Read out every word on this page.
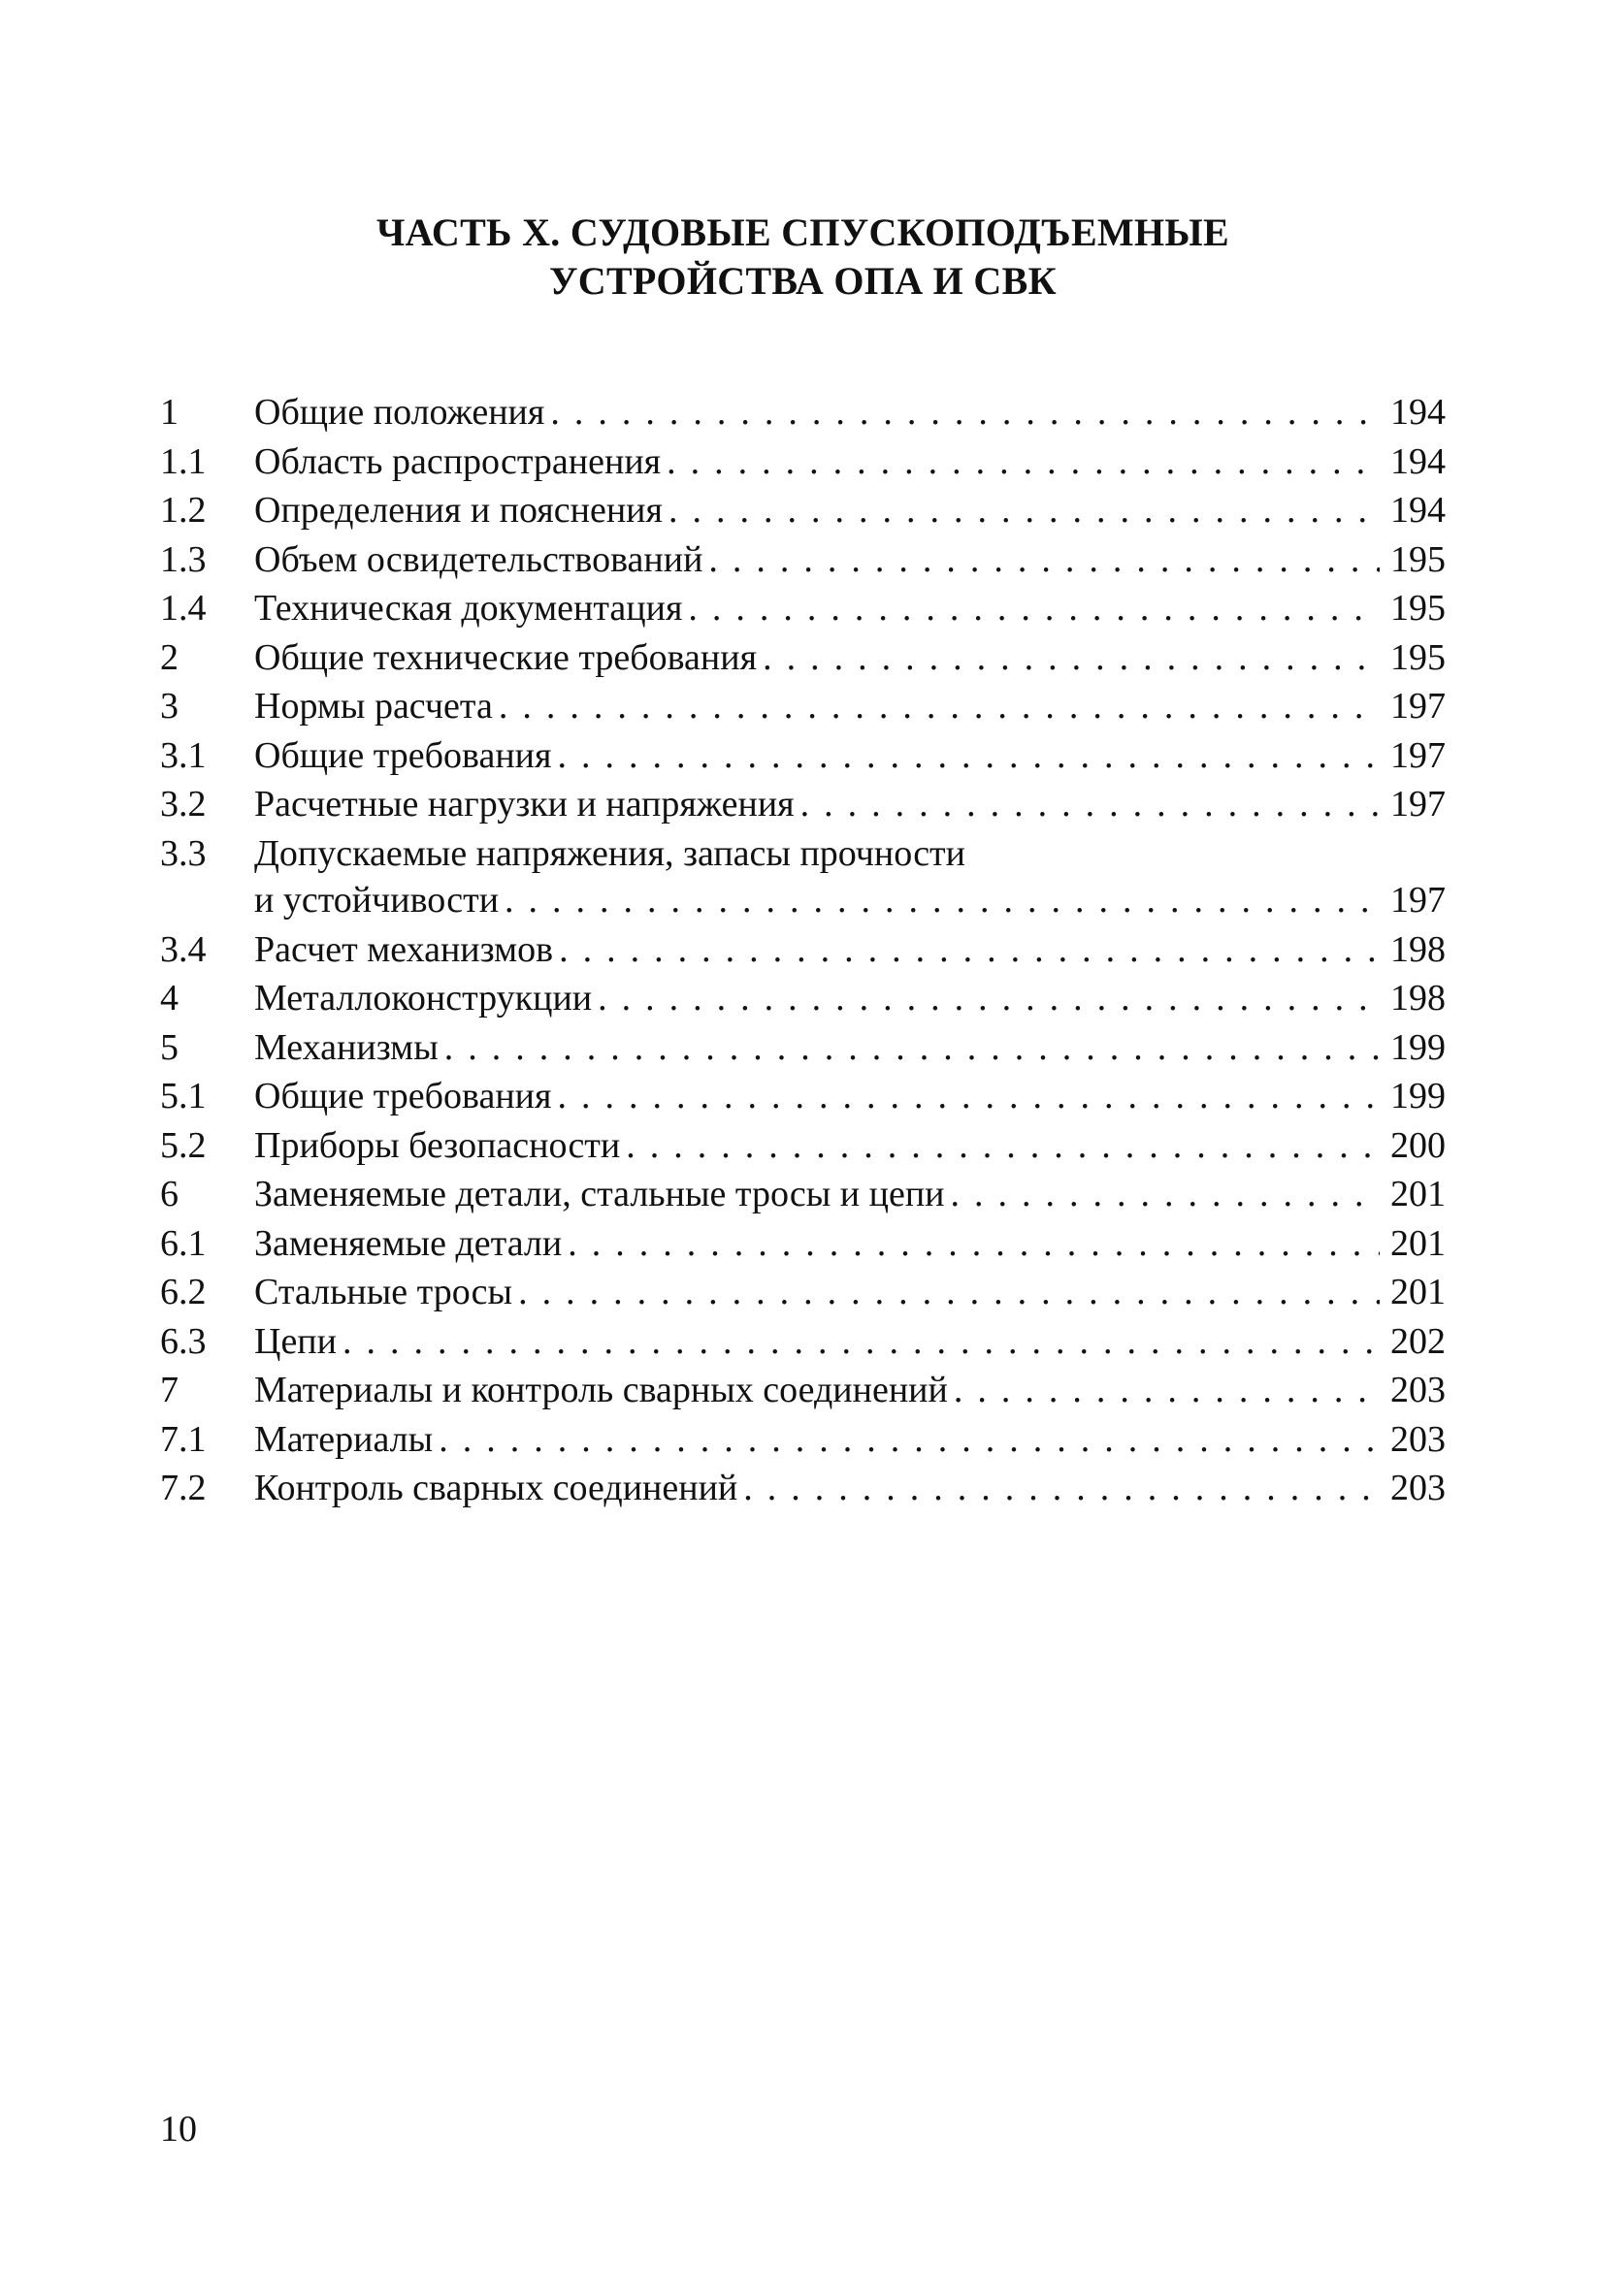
ЧАСТЬ X. СУДОВЫЕ СПУСКОПОДЪЕМНЫЕ
УСТРОЙСТВА ОПА И СВК
1 Общие положения . . .	194
1.1 Область распространения . . .	194
1.2 Определения и пояснения . . .	194
1.3 Объем освидетельствований . . .	195
1.4 Техническая документация . . .	195
2 Общие технические требования . . .	195
3 Нормы расчета . . .	197
3.1 Общие требования . . .	197
3.2 Расчетные нагрузки и напряжения . . .	197
3.3 Допускаемые напряжения, запасы прочности
и устойчивости . . .	197
3.4 Расчет механизмов . . .	198
4 Металлоконструкции . . .	198
5 Механизмы . . .	199
5.1 Общие требования . . .	199
5.2 Приборы безопасности . . .	200
6 Заменяемые детали, стальные тросы и цепи . . .	201
6.1 Заменяемые детали . . .	201
6.2 Стальные тросы . . .	201
6.3 Цепи . . .	202
7 Материалы и контроль сварных соединений . . .	203
7.1 Материалы . . .	203
7.2 Контроль сварных соединений . . .	203
10
